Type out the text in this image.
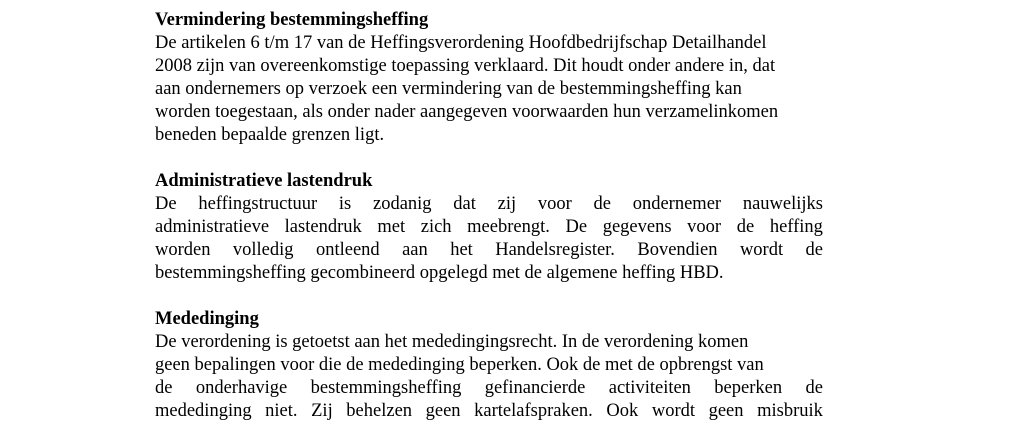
Vermindering bestemmingsheffing
De artikelen 6 t/m 17 van de Heffingsverordening Hoofdbedrijfschap Detailhandel
2008 zijn van overeenkomstige toepassing verklaard. Dit houdt onder andere in, dat
aan ondernemers op verzoek een vermindering van de bestemmingsheffing kan
worden toegestaan, als onder nader aangegeven voorwaarden hun verzamelinkomen
beneden bepaalde grenzen ligt.
Administratieve lastendruk
De heffingstructuur is zodanig dat zij voor de ondernemer nauwelijks
administratieve lastendruk met zich meebrengt. De gegevens voor de heffing
worden volledig ontleend aan het Handelsregister. Bovendien wordt de
bestemmingsheffing gecombineerd opgelegd met de algemene heffing HBD.
Mededinging
De verordening is getoetst aan het mededingingsrecht. In de verordening komen
geen bepalingen voor die de mededinging beperken. Ook de met de opbrengst van
de onderhavige bestemmingsheffing gefinancierde activiteiten beperken de
mededinging niet. Zij behelzen geen kartelafspraken. Ook wordt geen misbruik
